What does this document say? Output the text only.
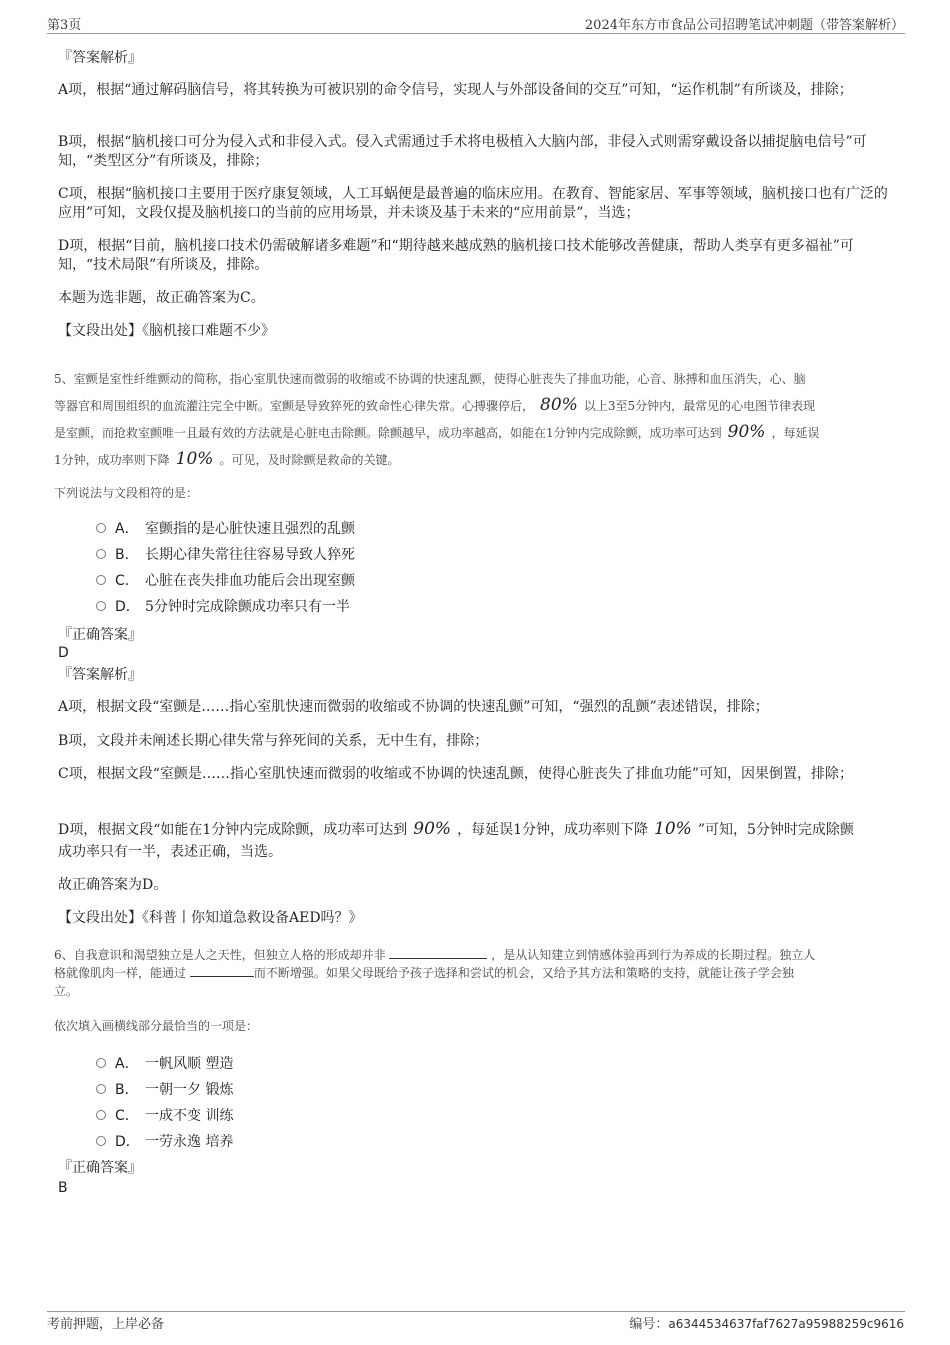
第3页	2024年东方市食品公司招聘笔试冲刺题（带答案解析）
『答案解析』
A项，根据“通过解码脑信号，将其转换为可被识别的命令信号，实现人与外部设备间的交互”可知，“运作机制”有所谈及，排除；
B项，根据“脑机接口可分为侵入式和非侵入式。侵入式需通过手术将电极植入大脑内部，非侵入式则需穿戴设备以捕捉脑电信号”可知，“类型区分”有所谈及，排除；
C项，根据“脑机接口主要用于医疗康复领域，人工耳蜗便是最普遍的临床应用。在教育、智能家居、军事等领域，脑机接口也有广泛的应用”可知，文段仅提及脑机接口的当前的应用场景，并未谈及基于未来的“应用前景”，当选；
D项，根据“目前，脑机接口技术仍需破解诸多难题”和“期待越来越成熟的脑机接口技术能够改善健康，帮助人类享有更多福祉”可知，“技术局限”有所谈及，排除。
本题为选非题，故正确答案为C。
【文段出处】《脑机接口难题不少》
5、室颤是室性纤维颤动的简称，指心室肌快速而微弱的收缩或不协调的快速乱颤，使得心脏丧失了排血功能，心音、脉搏和血压消失，心、脑
等器官和周围组织的血流灌注完全中断。室颤是导致猝死的致命性心律失常。心搏骤停后， 80% 以上3至5分钟内，最常见的心电图节律表现
是室颤，而抢救室颤唯一且最有效的方法就是心脏电击除颤。除颤越早，成功率越高，如能在1分钟内完成除颤，成功率可达到 90% ，每延误
1分钟，成功率则下降 10% 。可见，及时除颤是救命的关键。
下列说法与文段相符的是：
A． 室颤指的是心脏快速且强烈的乱颤
B． 长期心律失常往往容易导致人猝死
C． 心脏在丧失排血功能后会出现室颤
D． 5分钟时完成除颤成功率只有一半
『正确答案』
D
『答案解析』
A项，根据文段“室颤是……指心室肌快速而微弱的收缩或不协调的快速乱颤”可知，“强烈的乱颤”表述错误，排除；
B项，文段并未阐述长期心律失常与猝死间的关系，无中生有，排除；
C项，根据文段“室颤是……指心室肌快速而微弱的收缩或不协调的快速乱颤，使得心脏丧失了排血功能”可知，因果倒置，排除；
D项，根据文段“如能在1分钟内完成除颤，成功率可达到 90% ，每延误1分钟，成功率则下降 10% ”可知，5分钟时完成除颤
成功率只有一半，表述正确，当选。
故正确答案为D。
【文段出处】《科普丨你知道急救设备AED吗？》
6、自我意识和渴望独立是人之天性，但独立人格的形成却并非	，是从认知建立到情感体验再到行为养成的长期过程。独立人
格就像肌肉一样，能通过	而不断增强。如果父母既给予孩子选择和尝试的机会，又给予其方法和策略的支持，就能让孩子学会独
立。
依次填入画横线部分最恰当的一项是：
A． 一帆风顺 塑造
B． 一朝一夕 锻炼
C． 一成不变 训练
D． 一劳永逸 培养
『正确答案』
B
考前押题，上岸必备	编号：a6344534637faf7627a95988259c9616
